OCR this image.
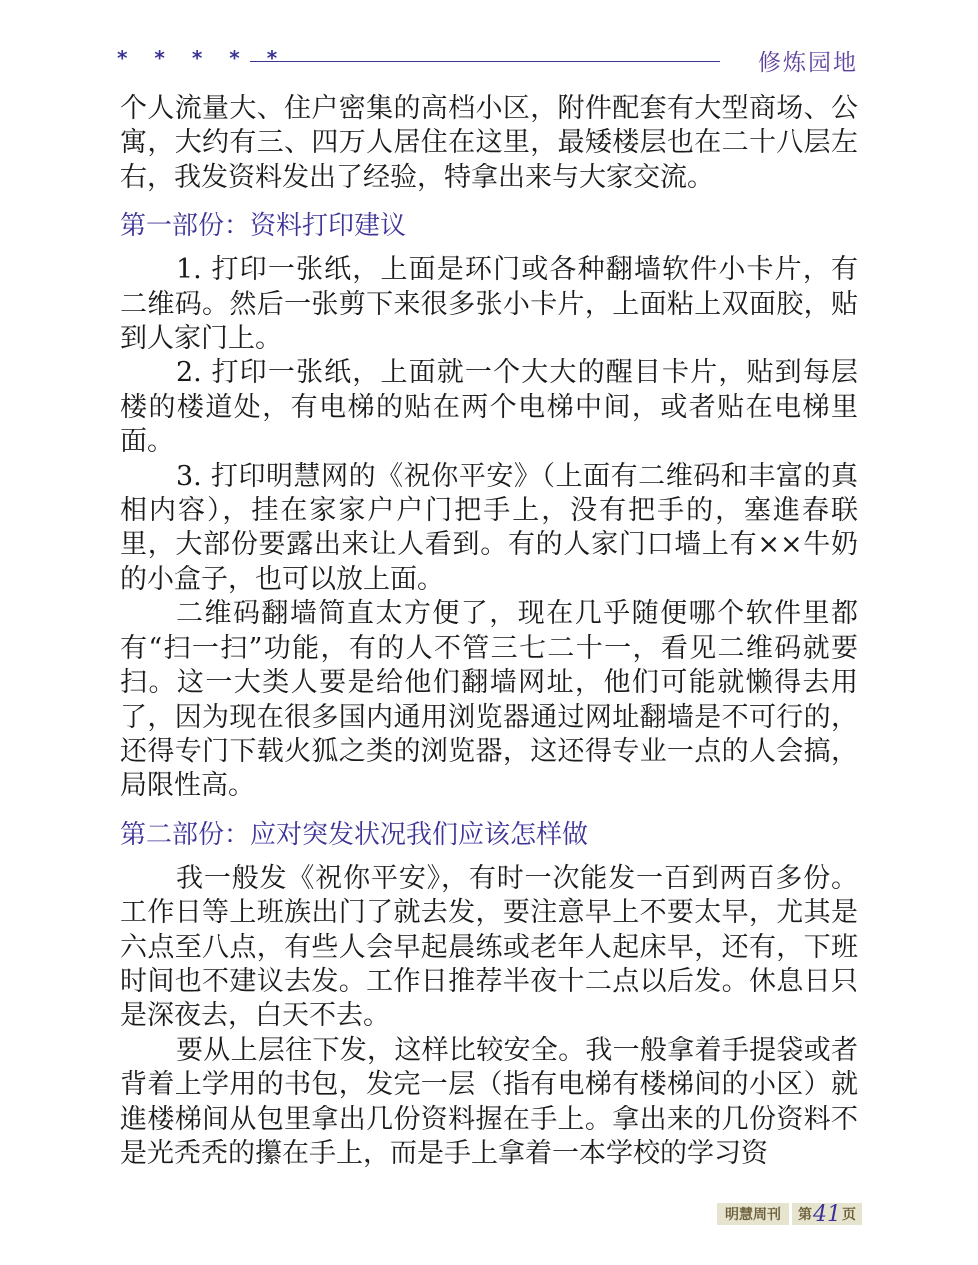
* * * * *	修炼园地

个人流量大、住户密集的高档小区，附件配套有大型商场、公寓，大约有三、四万人居住在这里，最矮楼层也在二十八层左右，我发资料发出了经验，特拿出来与大家交流。

第一部份：资料打印建议

1. 打印一张纸，上面是环门或各种翻墙软件小卡片，有二维码。然后一张剪下来很多张小卡片，上面粘上双面胶，贴到人家门上。

2. 打印一张纸，上面就一个大大的醒目卡片，贴到每层楼的楼道处，有电梯的贴在两个电梯中间，或者贴在电梯里面。

3. 打印明慧网的《祝你平安》（上面有二维码和丰富的真相内容），挂在家家户户门把手上，没有把手的，塞進春联里，大部份要露出来让人看到。有的人家门口墙上有××牛奶的小盒子，也可以放上面。

二维码翻墙简直太方便了，现在几乎随便哪个软件里都有“扫一扫”功能，有的人不管三七二十一，看见二维码就要扫。这一大类人要是给他们翻墙网址，他们可能就懒得去用了，因为现在很多国内通用浏览器通过网址翻墙是不可行的，还得专门下载火狐之类的浏览器，这还得专业一点的人会搞，局限性高。

第二部份：应对突发状况我们应该怎样做

我一般发《祝你平安》，有时一次能发一百到两百多份。工作日等上班族出门了就去发，要注意早上不要太早，尤其是六点至八点，有些人会早起晨练或老年人起床早，还有，下班时间也不建议去发。工作日推荐半夜十二点以后发。休息日只是深夜去，白天不去。

要从上层往下发，这样比较安全。我一般拿着手提袋或者背着上学用的书包，发完一层（指有电梯有楼梯间的小区）就進楼梯间从包里拿出几份资料握在手上。拿出来的几份资料不是光秃秃的攥在手上，而是手上拿着一本学校的学习资

明慧周刊	第 41 页
